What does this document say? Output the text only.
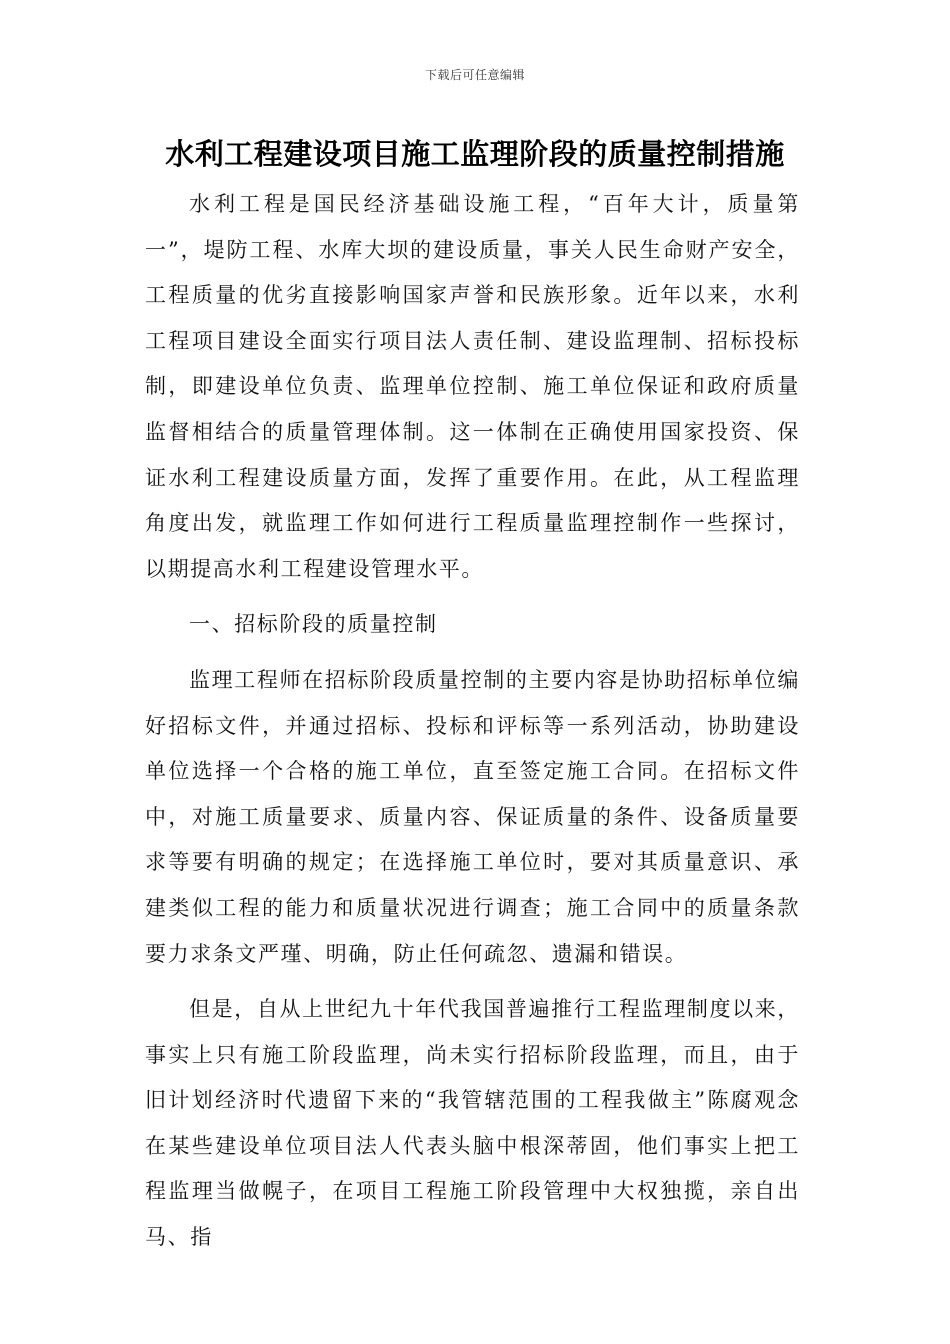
下载后可任意编辑
水利工程建设项目施工监理阶段的质量控制措施

水利工程是国民经济基础设施工程，“百年大计，质量第一”，堤防工程、水库大坝的建设质量，事关人民生命财产安全，工程质量的优劣直接影响国家声誉和民族形象。近年以来，水利工程项目建设全面实行项目法人责任制、建设监理制、招标投标制，即建设单位负责、监理单位控制、施工单位保证和政府质量监督相结合的质量管理体制。这一体制在正确使用国家投资、保证水利工程建设质量方面，发挥了重要作用。在此，从工程监理角度出发，就监理工作如何进行工程质量监理控制作一些探讨，以期提高水利工程建设管理水平。

一、招标阶段的质量控制

监理工程师在招标阶段质量控制的主要内容是协助招标单位编好招标文件，并通过招标、投标和评标等一系列活动，协助建设单位选择一个合格的施工单位，直至签定施工合同。在招标文件中，对施工质量要求、质量内容、保证质量的条件、设备质量要求等要有明确的规定；在选择施工单位时，要对其质量意识、承建类似工程的能力和质量状况进行调查；施工合同中的质量条款要力求条文严瑾、明确，防止任何疏忽、遗漏和错误。

但是，自从上世纪九十年代我国普遍推行工程监理制度以来，事实上只有施工阶段监理，尚未实行招标阶段监理，而且，由于旧计划经济时代遗留下来的“我管辖范围的工程我做主”陈腐观念在某些建设单位项目法人代表头脑中根深蒂固，他们事实上把工程监理当做幌子，在项目工程施工阶段管理中大权独揽，亲自出马、指
